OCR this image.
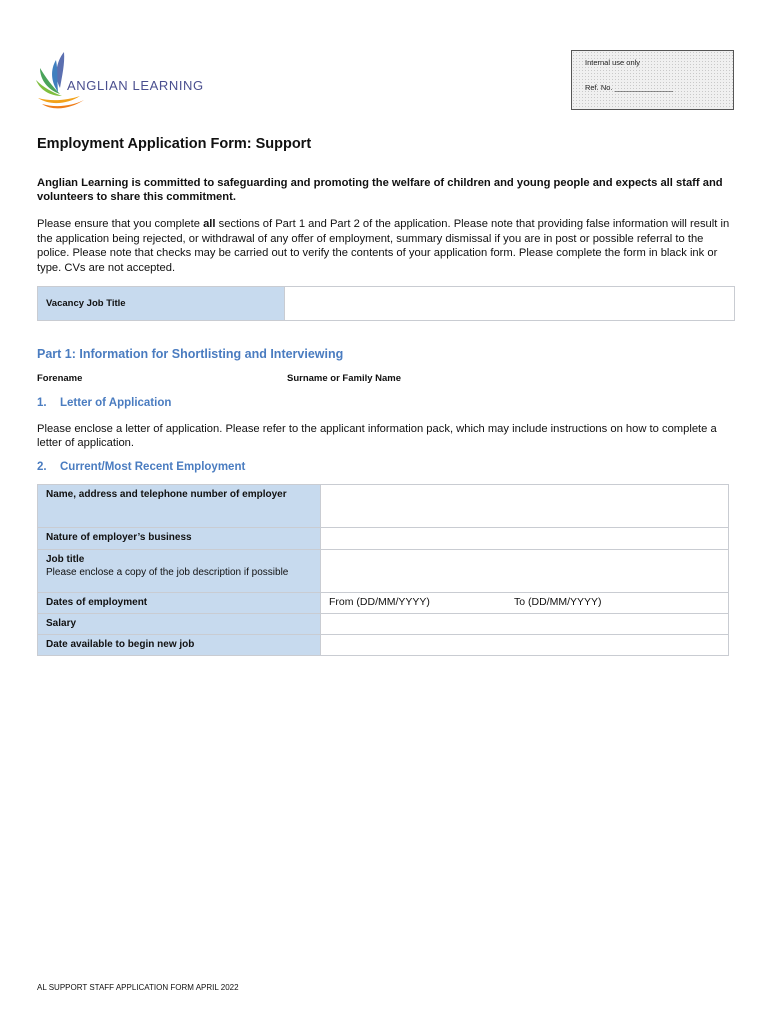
ANGLIAN LEARNING
Internal use only
Ref. No. ______________
Employment Application Form: Support
Anglian Learning is committed to safeguarding and promoting the welfare of children and young people and expects all staff and volunteers to share this commitment.
Please ensure that you complete all sections of Part 1 and Part 2 of the application. Please note that providing false information will result in the application being rejected, or withdrawal of any offer of employment, summary dismissal if you are in post or possible referral to the police. Please note that checks may be carried out to verify the contents of your application form. Please complete the form in black ink or type. CVs are not accepted.
Vacancy Job Title
Part 1: Information for Shortlisting and Interviewing
Forename	Surname or Family Name
1. Letter of Application
Please enclose a letter of application. Please refer to the applicant information pack, which may include instructions on how to complete a letter of application.
2. Current/Most Recent Employment
Name, address and telephone number of employer	
Nature of employer’s business	
Job title
Please enclose a copy of the job description if possible	

Dates of employment	From (DD/MM/YYYY) To (DD/MM/YYYY)

Salary	
Date available to begin new job	
AL SUPPORT STAFF APPLICATION FORM APRIL 2022
